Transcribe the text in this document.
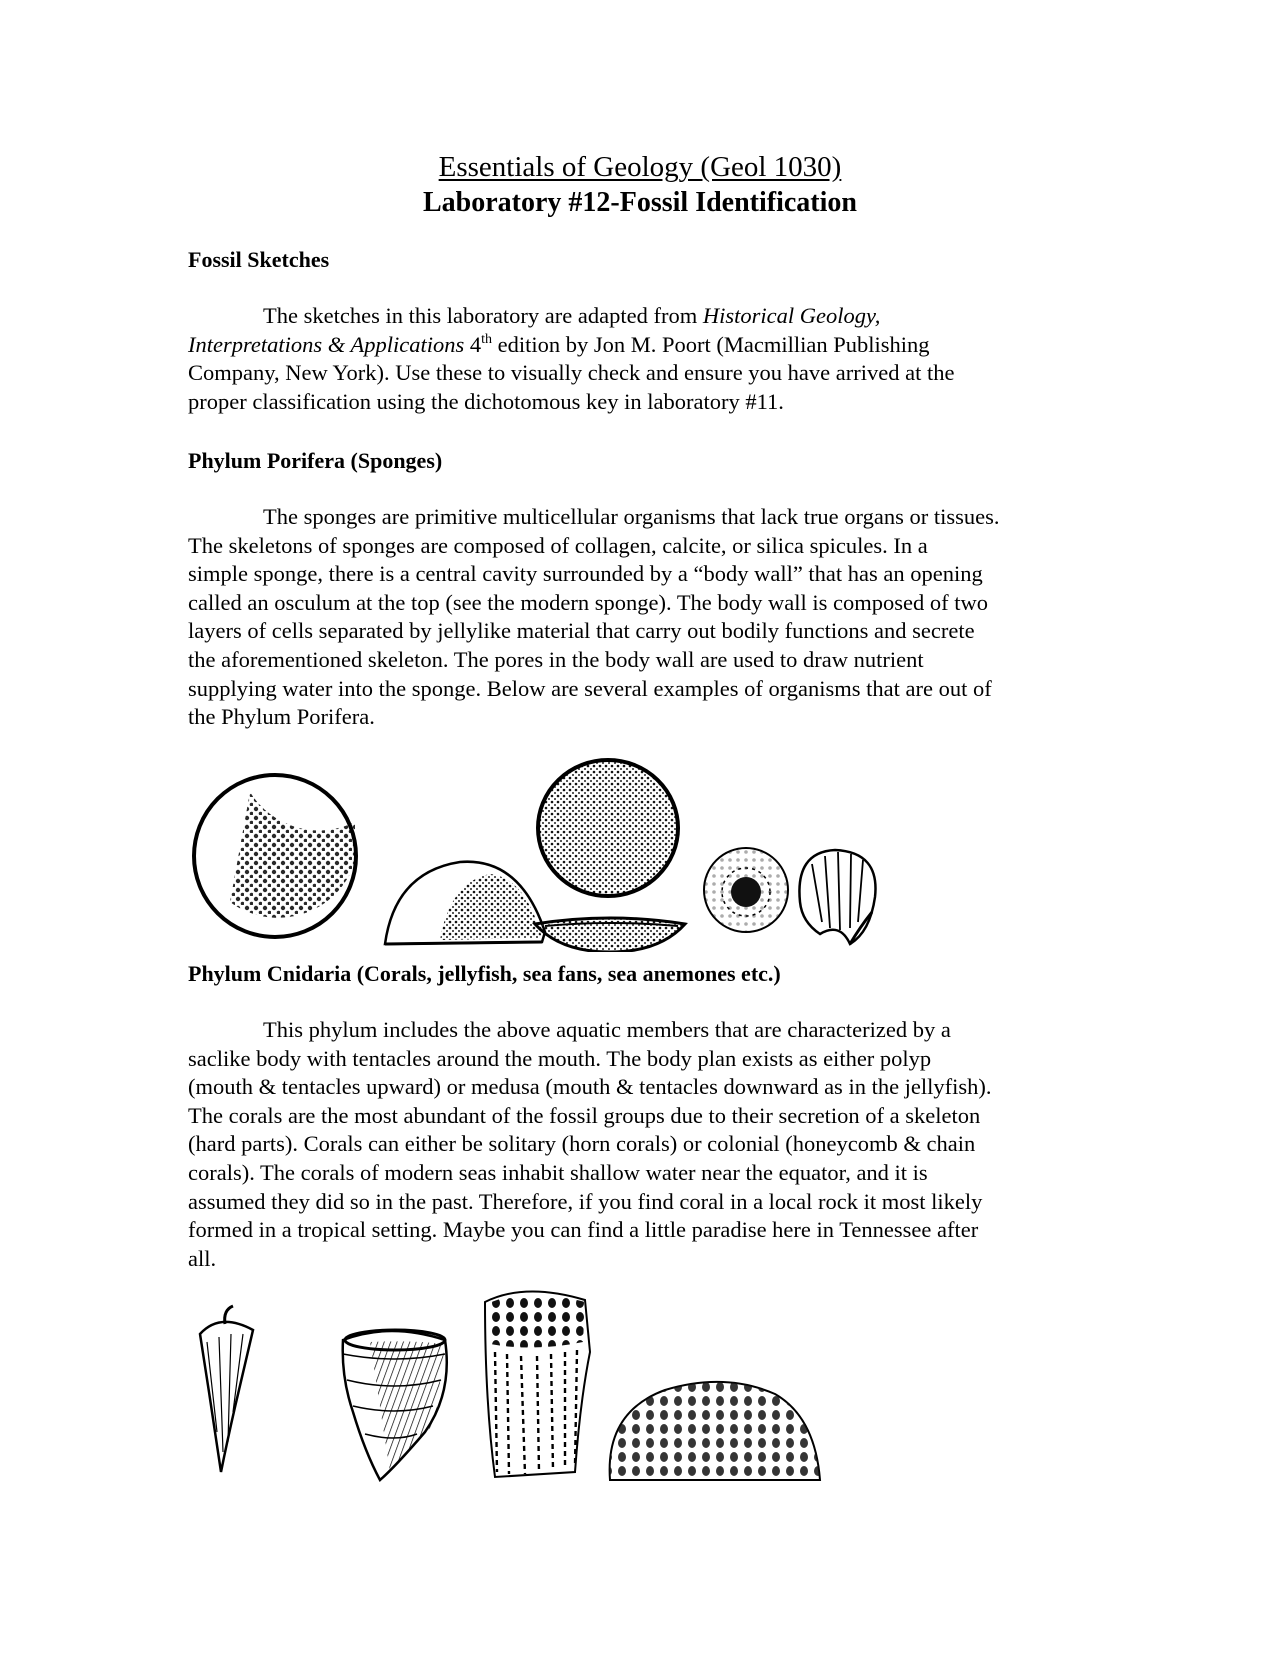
Essentials of Geology (Geol 1030)
Laboratory #12-Fossil Identification
Fossil Sketches
The sketches in this laboratory are adapted from Historical Geology,
Interpretations & Applications 4th edition by Jon M. Poort (Macmillian Publishing
Company, New York). Use these to visually check and ensure you have arrived at the
proper classification using the dichotomous key in laboratory #11.
Phylum Porifera (Sponges)
The sponges are primitive multicellular organisms that lack true organs or tissues.
The skeletons of sponges are composed of collagen, calcite, or silica spicules. In a
simple sponge, there is a central cavity surrounded by a “body wall” that has an opening
called an osculum at the top (see the modern sponge). The body wall is composed of two
layers of cells separated by jellylike material that carry out bodily functions and secrete
the aforementioned skeleton. The pores in the body wall are used to draw nutrient
supplying water into the sponge. Below are several examples of organisms that are out of
the Phylum Porifera.
Phylum Cnidaria (Corals, jellyfish, sea fans, sea anemones etc.)
This phylum includes the above aquatic members that are characterized by a
saclike body with tentacles around the mouth. The body plan exists as either polyp
(mouth & tentacles upward) or medusa (mouth & tentacles downward as in the jellyfish).
The corals are the most abundant of the fossil groups due to their secretion of a skeleton
(hard parts). Corals can either be solitary (horn corals) or colonial (honeycomb & chain
corals). The corals of modern seas inhabit shallow water near the equator, and it is
assumed they did so in the past. Therefore, if you find coral in a local rock it most likely
formed in a tropical setting. Maybe you can find a little paradise here in Tennessee after
all.
